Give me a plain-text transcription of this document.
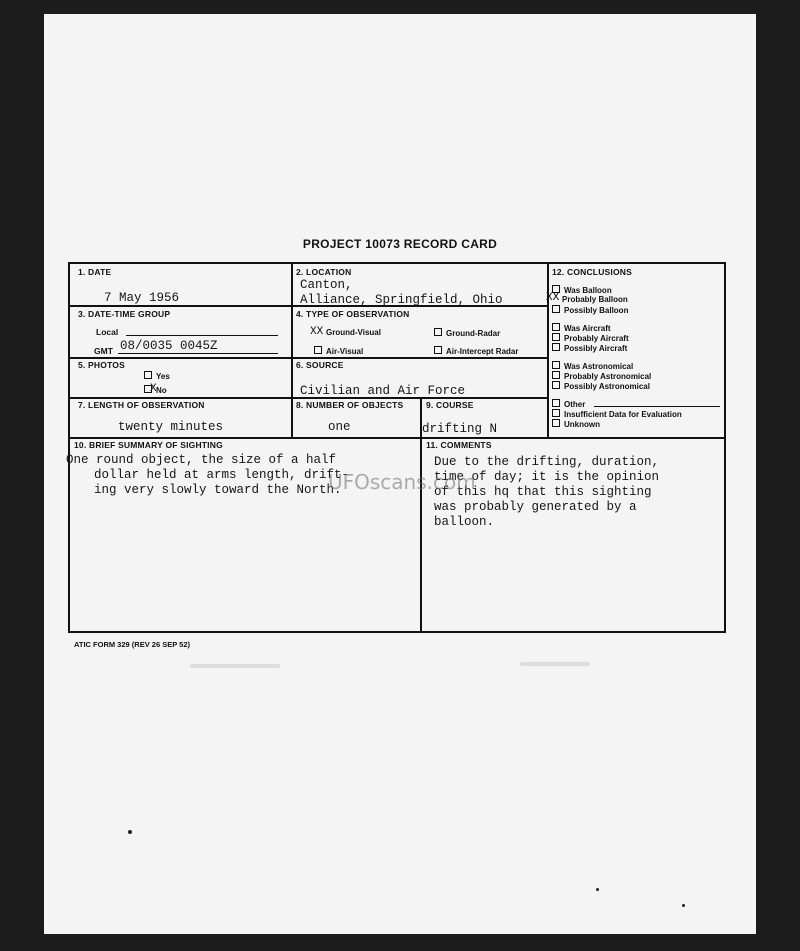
PROJECT 10073 RECORD CARD
1. DATE
7 May 1956
2. LOCATION
Canton,
Alliance, Springfield, Ohio
3. DATE-TIME GROUP
Local
GMT 08/0035 0045Z
4. TYPE OF OBSERVATION
XX Ground-Visual	Ground-Radar
Air-Visual	Air-Intercept Radar
5. PHOTOS
Yes
X No
6. SOURCE
Civilian and Air Force
7. LENGTH OF OBSERVATION
twenty minutes
8. NUMBER OF OBJECTS
one
9. COURSE
drifting N
10. BRIEF SUMMARY OF SIGHTING
One round object, the size of a half
dollar held at arms length, drift-
ing very slowly toward the North.
11. COMMENTS
Due to the drifting, duration,
time of day; it is the opinion
of this hq that this sighting
was probably generated by a
balloon.
12. CONCLUSIONS
Was Balloon
XX Probably Balloon
Possibly Balloon
Was Aircraft
Probably Aircraft
Possibly Aircraft
Was Astronomical
Probably Astronomical
Possibly Astronomical
Other
Insufficient Data for Evaluation
Unknown
UFOscans.com
ATIC FORM 329 (REV 26 SEP 52)
